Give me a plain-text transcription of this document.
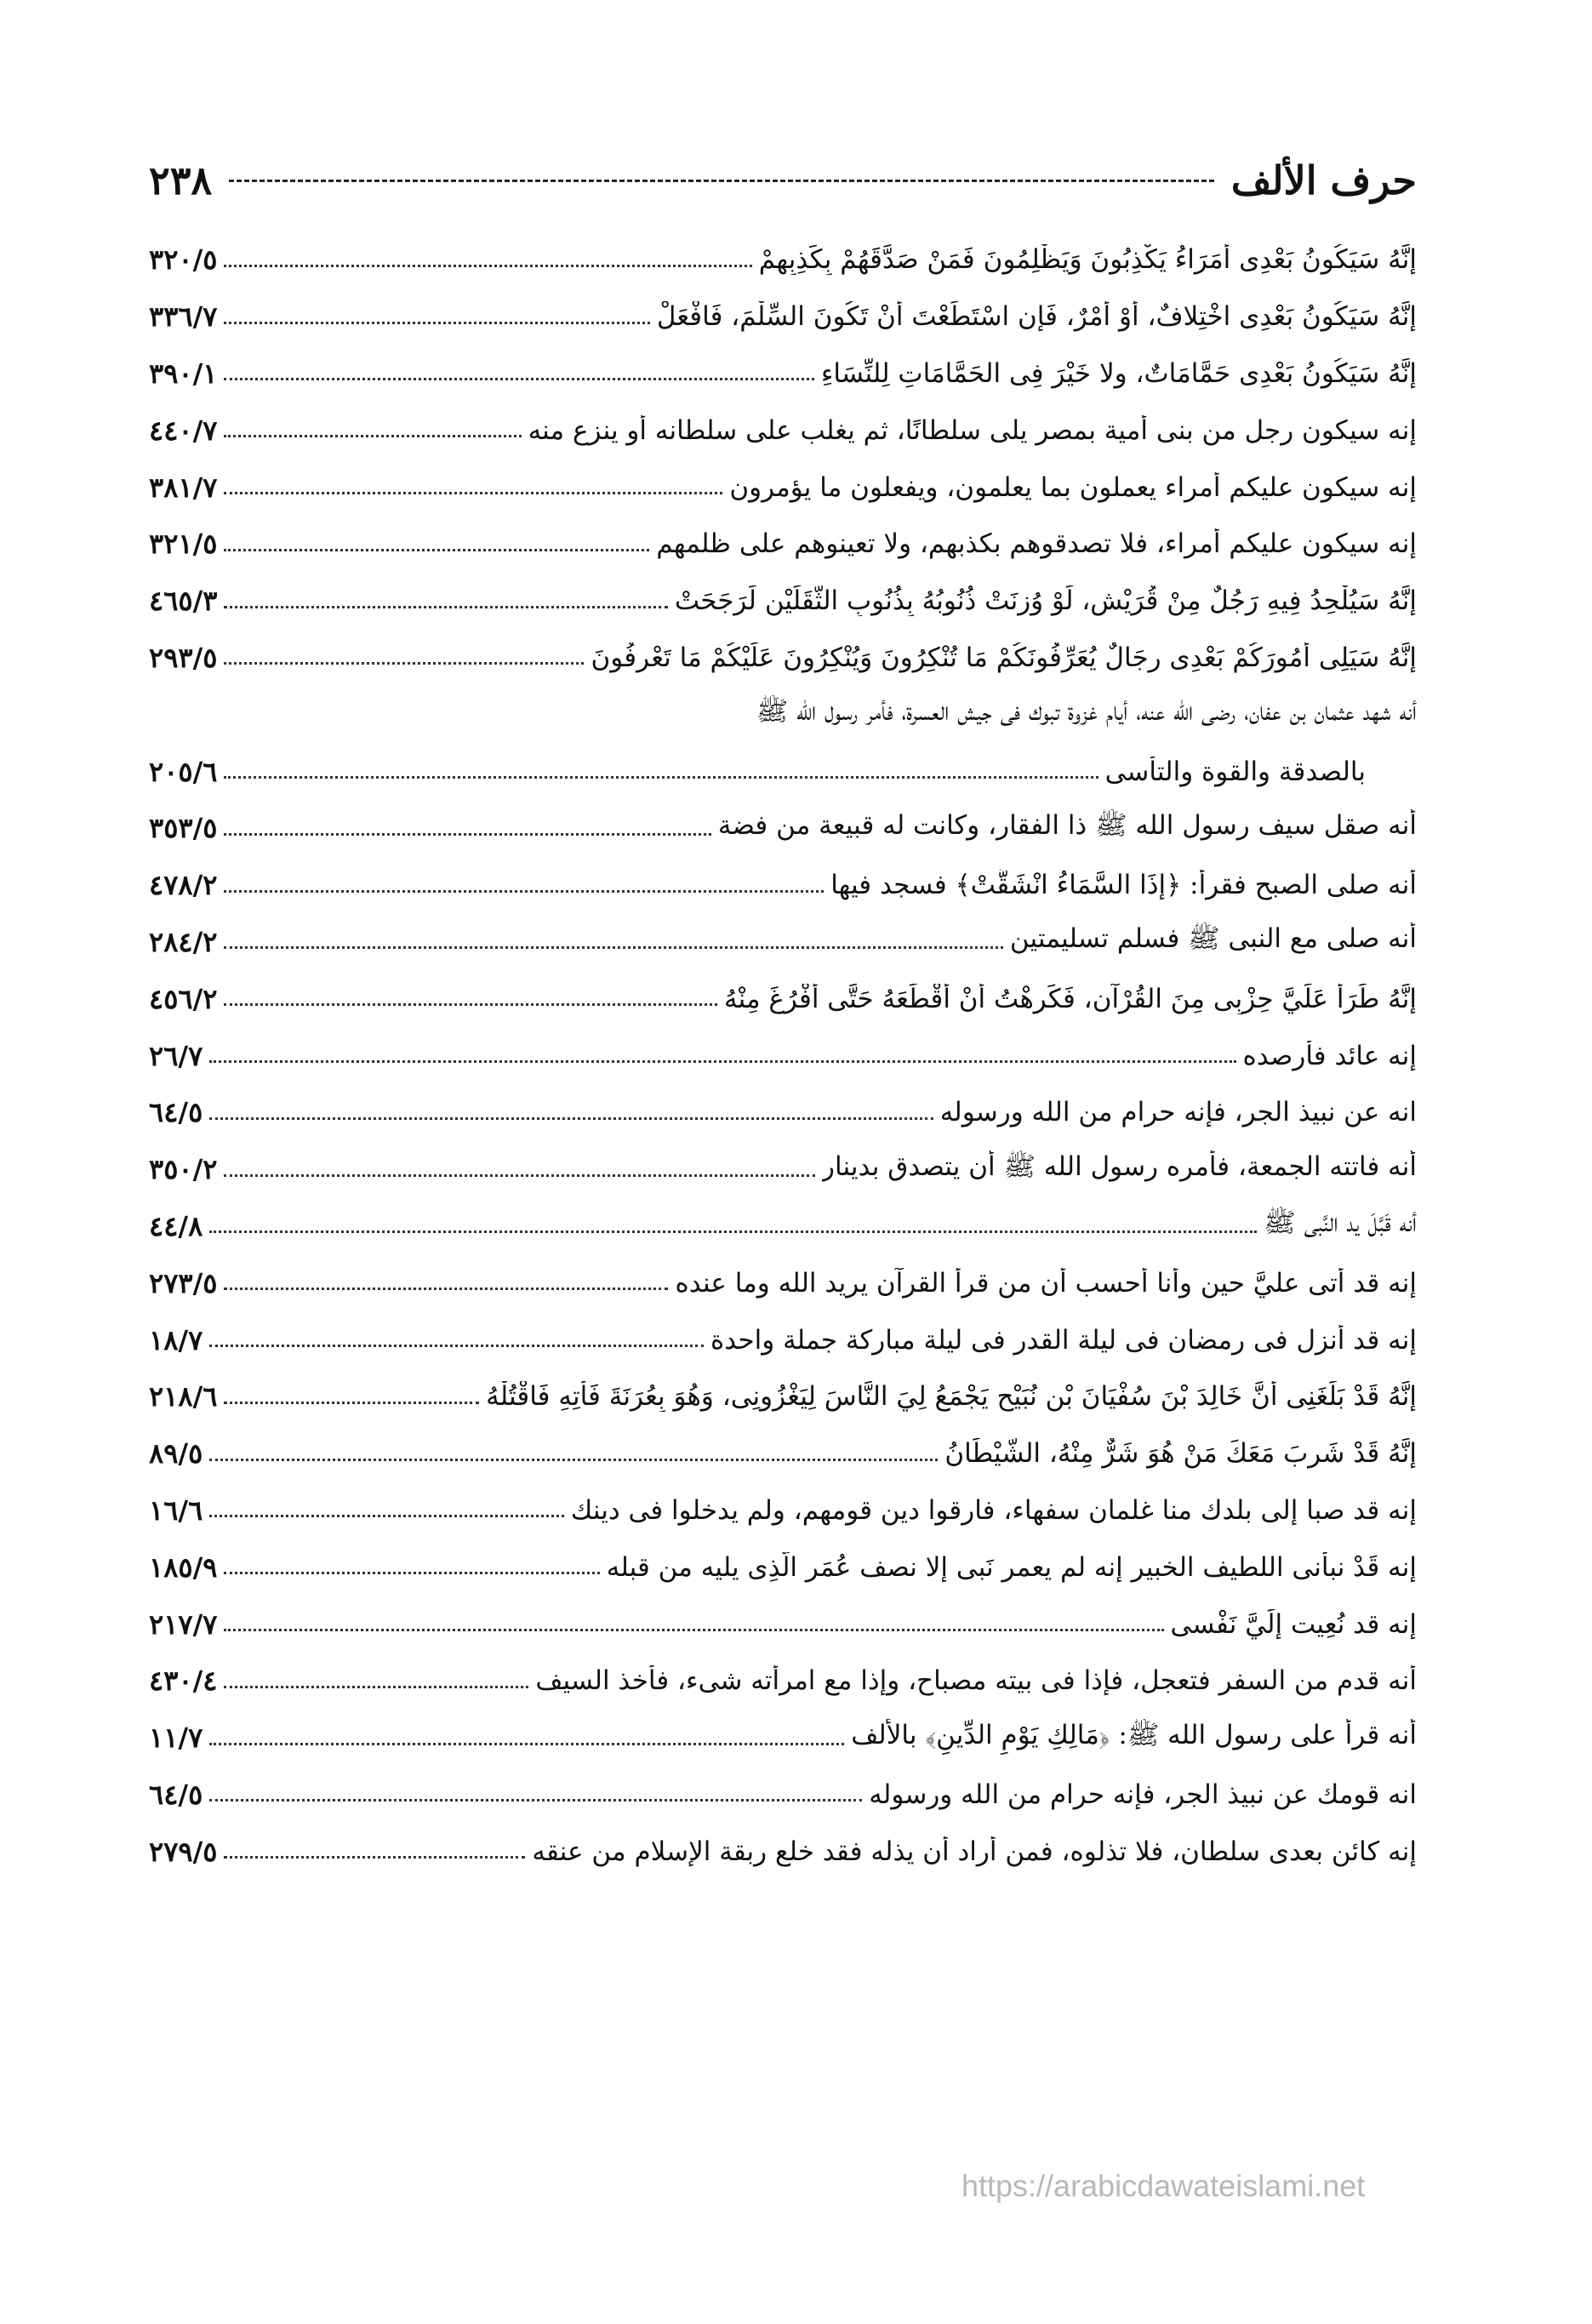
حرف الألف
٢٣٨
إِنَّهُ سَيَكُونُ بَعْدِى أُمَرَاءُ يَكْذِبُونَ وَيَظْلِمُونَ فَمَنْ صَدَّقَهُمْ بِكَذِبِهِمْ
٣٢٠/٥
إِنَّهُ سَيَكُونُ بَعْدِى اخْتِلافٌ، أَوْ أَمْرٌ، فَإِنِ اسْتَطَعْتَ أَنْ تَكُونَ السِّلْمَ، فَافْعَلْ
٣٣٦/٧
إِنَّهُ سَيَكُونُ بَعْدِى حَمَّامَاتٌ، ولا خَيْرَ فِى الحَمَّامَاتِ لِلنِّسَاءِ
٣٩٠/١
إنه سيكون رجل من بنى أمية بمصر يلى سلطانًا، ثم يغلب على سلطانه أو ينزع منه
٤٤٠/٧
إنه سيكون عليكم أمراء يعملون بما يعلمون، ويفعلون ما يؤمرون
٣٨١/٧
إنه سيكون عليكم أمراء، فلا تصدقوهم بكذبهم، ولا تعينوهم على ظلمهم
٣٢١/٥
إِنَّهُ سَيُلْحِدُ فِيهِ رَجُلٌ مِنْ قُرَيْشٍ، لَوْ وُزِنَتْ ذُنُوبُهُ بِذُنُوبِ الثَّقَلَيْنِ لَرَجَحَتْ
٤٦٥/٣
إِنَّهُ سَيَلِى أُمُورَكُمْ بَعْدِى رِجَالٌ يُعَرِّفُونَكُمْ مَا تُنْكِرُونَ وَيُنْكِرُونَ عَلَيْكُمْ مَا تَعْرِفُونَ
٢٩٣/٥
أنه شهد عثمان بن عفان، رضى الله عنه، أيام غزوة تبوك فى جيش العسرة، فأمر رسول الله ﷺ
بالصدقة والقوة والتأسى
٢٠٥/٦
أنه صقل سيف رسول الله ﷺ ذا الفقار، وكانت له قبيعة من فضة
٣٥٣/٥
أنه صلى الصبح فقرأ: ﴿إِذَا السَّمَاءُ انْشَقَّتْ﴾ فسجد فيها
٤٧٨/٢
أنه صلى مع النبى ﷺ فسلم تسليمتين
٢٨٤/٢
إِنَّهُ طَرَأَ عَلَيَّ حِزْبِى مِنَ القُرْآنِ، فَكَرِهْتُ أَنْ أَقْطَعَهُ حَتَّى أَفْرُغَ مِنْهُ
٤٥٦/٢
إنه عائد فأرصده
٢٦/٧
انه عن نبيذ الجر، فإنه حرام من الله ورسوله
٦٤/٥
أنه فاتته الجمعة، فأمره رسول الله ﷺ أن يتصدق بدينار
٣٥٠/٢
أنه قَبَّلَ يد النَّبى ﷺ
٤٤/٨
إنه قد أتى عليَّ حين وأنا أحسب أن من قرأ القرآن يريد الله وما عنده
٢٧٣/٥
إنه قد أنزل فى رمضان فى ليلة القدر فى ليلة مباركة جملة واحدة
١٨/٧
إِنَّهُ قَدْ بَلَغَنِى أَنَّ خَالِدَ بْنَ سُفْيَانَ بْنِ نُبَيْحٍ يَجْمَعُ لِيَ النَّاسَ لِيَغْزُونِى، وَهُوَ بِعُرَنَةَ فَأْتِهِ فَاقْتُلْهُ
٢١٨/٦
إِنَّهُ قَدْ شَرِبَ مَعَكَ مَنْ هُوَ شَرٌّ مِنْهُ، الشَّيْطَانُ
٨٩/٥
إنه قد صبا إلى بلدك منا غلمان سفهاء، فارقوا دين قومهم، ولم يدخلوا فى دينك
١٦/٦
إنه قَدْ نبأنى اللطيف الخبير إنه لم يعمر نَبى إلا نصف عُمَرِ الَّذِى يليه من قبله
١٨٥/٩
إنه قد نُعِيت إِلَيَّ نَفْسى
٢١٧/٧
أنه قدم من السفر فتعجل، فإذا فى بيته مصباح، وإذا مع امرأته شىء، فأخذ السيف
٤٣٠/٤
أنه قرأ على رسول الله ﷺ: ﴿مَالِكِ يَوْمِ الدِّينِ﴾ بالألف
١١/٧
انه قومك عن نبيذ الجر، فإنه حرام من الله ورسوله
٦٤/٥
إنه كائن بعدى سلطان، فلا تذلوه، فمن أراد أن يذله فقد خلع ربقة الإسلام من عنقه
٢٧٩/٥
https://arabicdawateislami.net
